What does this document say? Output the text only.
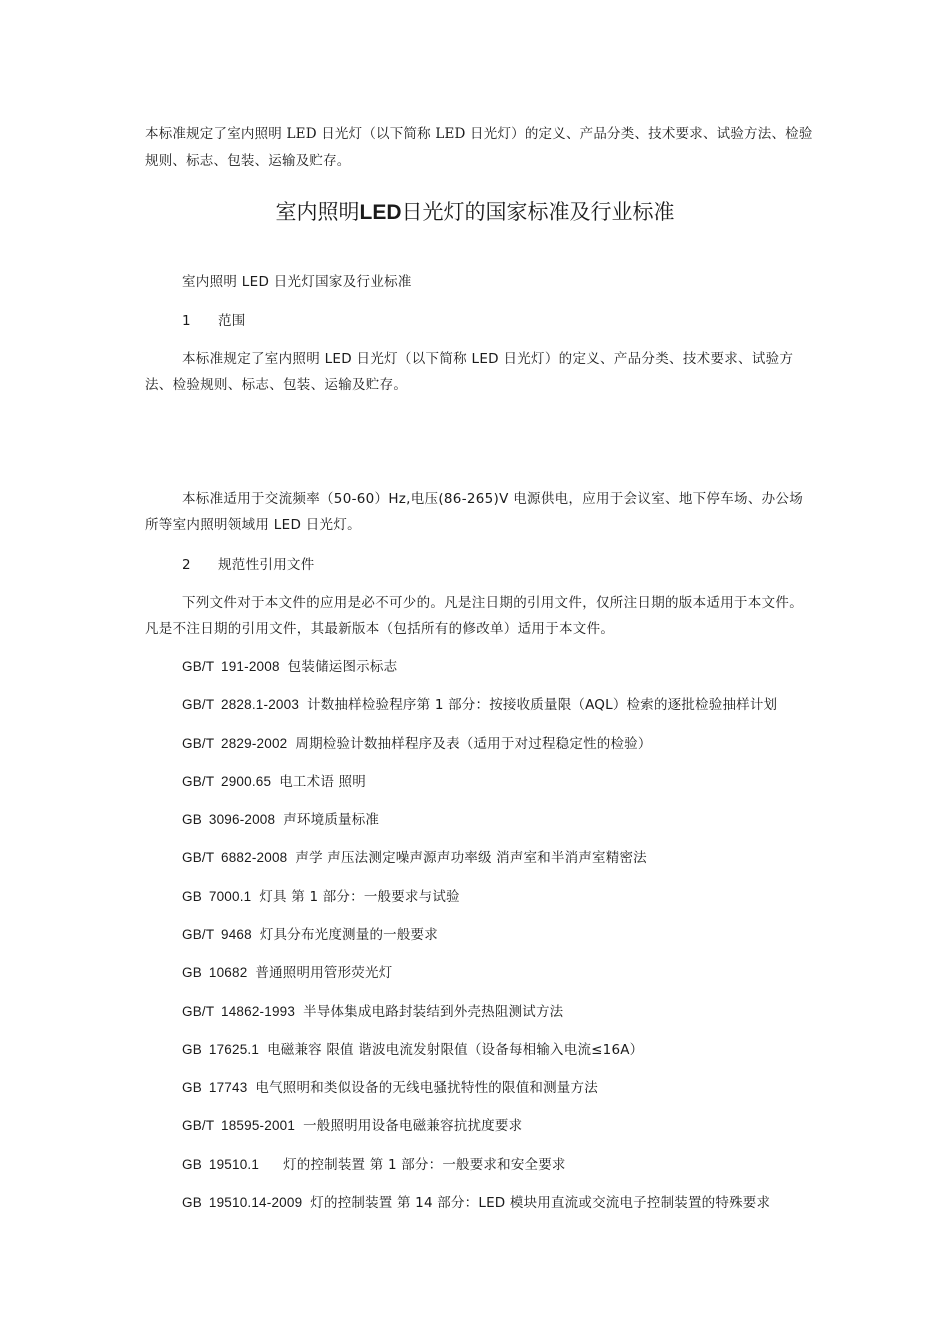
本标准规定了室内照明 LED 日光灯（以下简称 LED 日光灯）的定义、产品分类、技术要求、试验方法、检验规则、标志、包装、运输及贮存。
室内照明LED日光灯的国家标准及行业标准
室内照明 LED 日光灯国家及行业标准
1 范围
本标准规定了室内照明 LED 日光灯（以下简称 LED 日光灯）的定义、产品分类、技术要求、试验方法、检验规则、标志、包装、运输及贮存。
本标准适用于交流频率（50-60）Hz,电压(86-265)V 电源供电，应用于会议室、地下停车场、办公场所等室内照明领域用 LED 日光灯。
2 规范性引用文件
下列文件对于本文件的应用是必不可少的。凡是注日期的引用文件，仅所注日期的版本适用于本文件。凡是不注日期的引用文件，其最新版本（包括所有的修改单）适用于本文件。
GB/T 191-2008 包装储运图示标志
GB/T 2828.1-2003 计数抽样检验程序第 1 部分：按接收质量限（AQL）检索的逐批检验抽样计划
GB/T 2829-2002 周期检验计数抽样程序及表（适用于对过程稳定性的检验）
GB/T 2900.65 电工术语 照明
GB 3096-2008 声环境质量标准
GB/T 6882-2008 声学 声压法测定噪声源声功率级 消声室和半消声室精密法
GB 7000.1 灯具 第 1 部分：一般要求与试验
GB/T 9468 灯具分布光度测量的一般要求
GB 10682 普通照明用管形荧光灯
GB/T 14862-1993 半导体集成电路封装结到外壳热阻测试方法
GB 17625.1 电磁兼容 限值 谐波电流发射限值（设备每相输入电流≤16A）
GB 17743 电气照明和类似设备的无线电骚扰特性的限值和测量方法
GB/T 18595-2001 一般照明用设备电磁兼容抗扰度要求
GB 19510.1 灯的控制装置 第 1 部分：一般要求和安全要求
GB 19510.14-2009 灯的控制装置 第 14 部分：LED 模块用直流或交流电子控制装置的特殊要求
